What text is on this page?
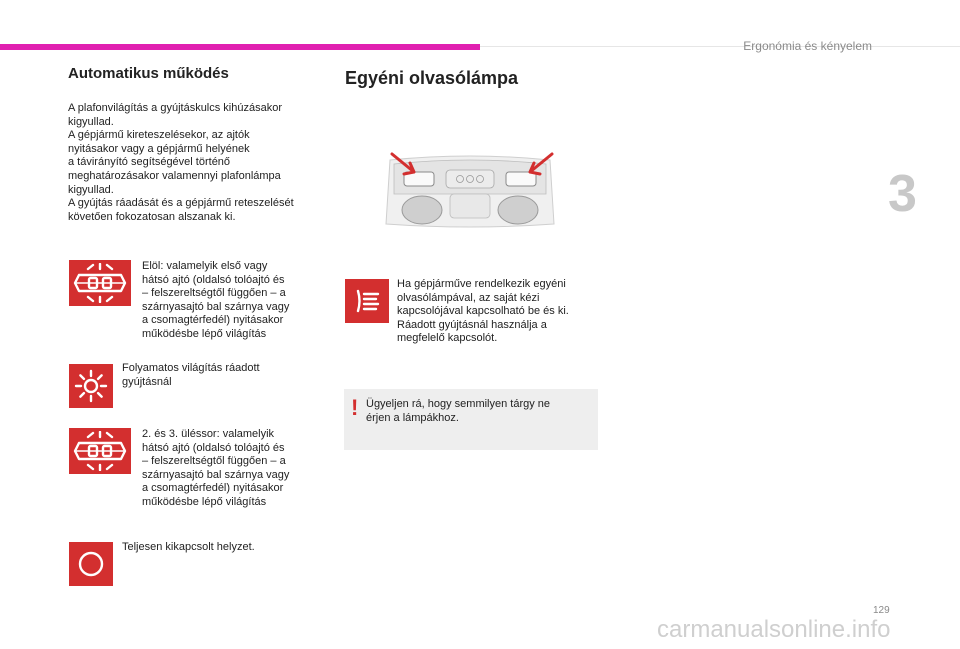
Ergonómia és kényelem
3
Automatikus működés
A plafonvilágítás a gyújtáskulcs kihúzásakor
kigyullad.
A gépjármű kireteszelésekor, az ajtók
nyitásakor vagy a gépjármű helyének
a távirányító segítségével történő
meghatározásakor valamennyi plafonlámpa
kigyullad.
A gyújtás ráadását és a gépjármű reteszelését
követően fokozatosan alszanak ki.
Elöl: valamelyik első vagy
hátsó ajtó (oldalsó tolóajtó és
– felszereltségtől függően – a
szárnyasajtó bal szárnya vagy
a csomagtérfedél) nyitásakor
működésbe lépő világítás
Folyamatos világítás ráadott
gyújtásnál
2. és 3. üléssor: valamelyik
hátsó ajtó (oldalsó tolóajtó és
– felszereltségtől függően – a
szárnyasajtó bal szárnya vagy
a csomagtérfedél) nyitásakor
működésbe lépő világítás
Teljesen kikapcsolt helyzet.
Egyéni olvasólámpa
Ha gépjárműve rendelkezik egyéni
olvasólámpával, az saját kézi
kapcsolójával kapcsolható be és ki.
Ráadott gyújtásnál használja a
megfelelő kapcsolót.
! Ügyeljen rá, hogy semmilyen tárgy ne
érjen a lámpákhoz.
129
carmanualsonline.info
